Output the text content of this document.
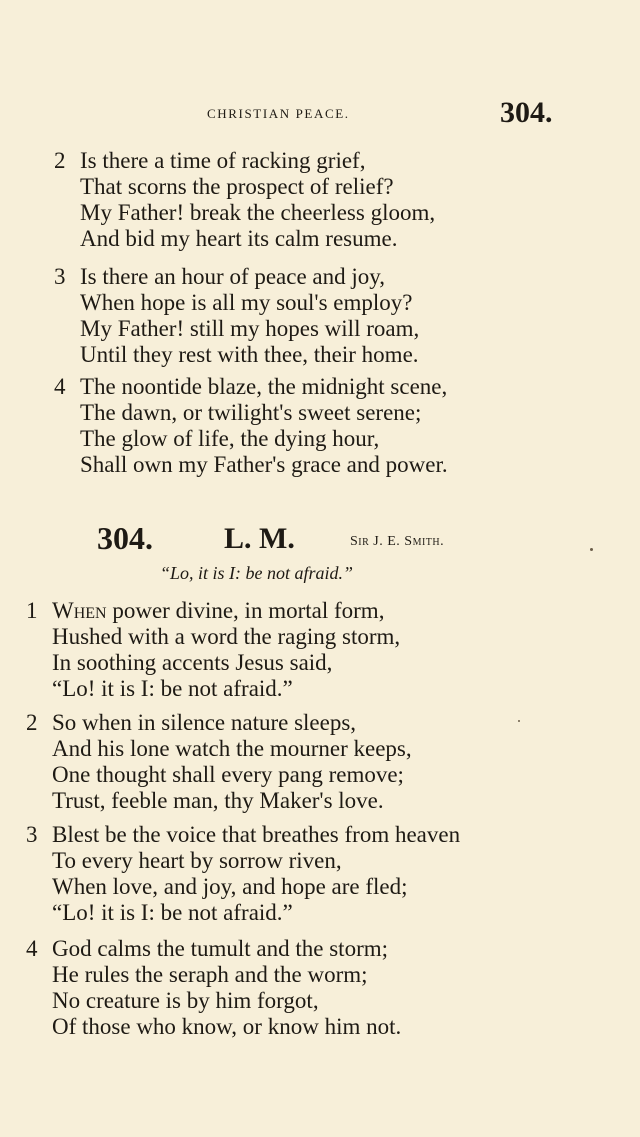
CHRISTIAN PEACE.	304.
2 Is there a time of racking grief,
That scorns the prospect of relief?
My Father! break the cheerless gloom,
And bid my heart its calm resume.
3 Is there an hour of peace and joy,
When hope is all my soul's employ?
My Father! still my hopes will roam,
Until they rest with thee, their home.
4 The noontide blaze, the midnight scene,
The dawn, or twilight's sweet serene;
The glow of life, the dying hour,
Shall own my Father's grace and power.
304. L. M.	Sir J. E. Smith.
“Lo, it is I: be not afraid.”
1 When power divine, in mortal form,
Hushed with a word the raging storm,
In soothing accents Jesus said,
“Lo! it is I: be not afraid.”
2 So when in silence nature sleeps,
And his lone watch the mourner keeps,
One thought shall every pang remove;
Trust, feeble man, thy Maker's love.
3 Blest be the voice that breathes from heaven
To every heart by sorrow riven,
When love, and joy, and hope are fled;
“Lo! it is I: be not afraid.”
4 God calms the tumult and the storm;
He rules the seraph and the worm;
No creature is by him forgot,
Of those who know, or know him not.
